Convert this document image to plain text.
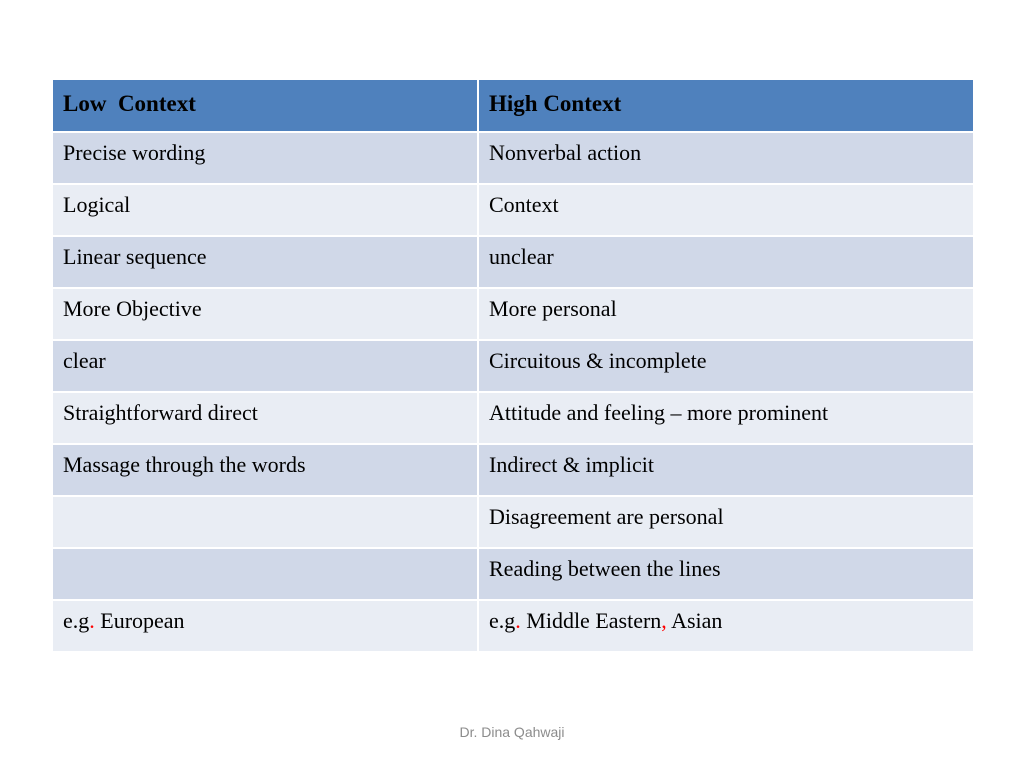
Low  Context	High Context
Precise wording	Nonverbal action
Logical	Context
Linear sequence	unclear
More Objective	More personal
clear	Circuitous & incomplete
Straightforward direct	Attitude and feeling – more prominent
Massage through the words	Indirect & implicit
	Disagreement are personal
	Reading between the lines
e.g. European	e.g. Middle Eastern, Asian
Dr. Dina Qahwaji
